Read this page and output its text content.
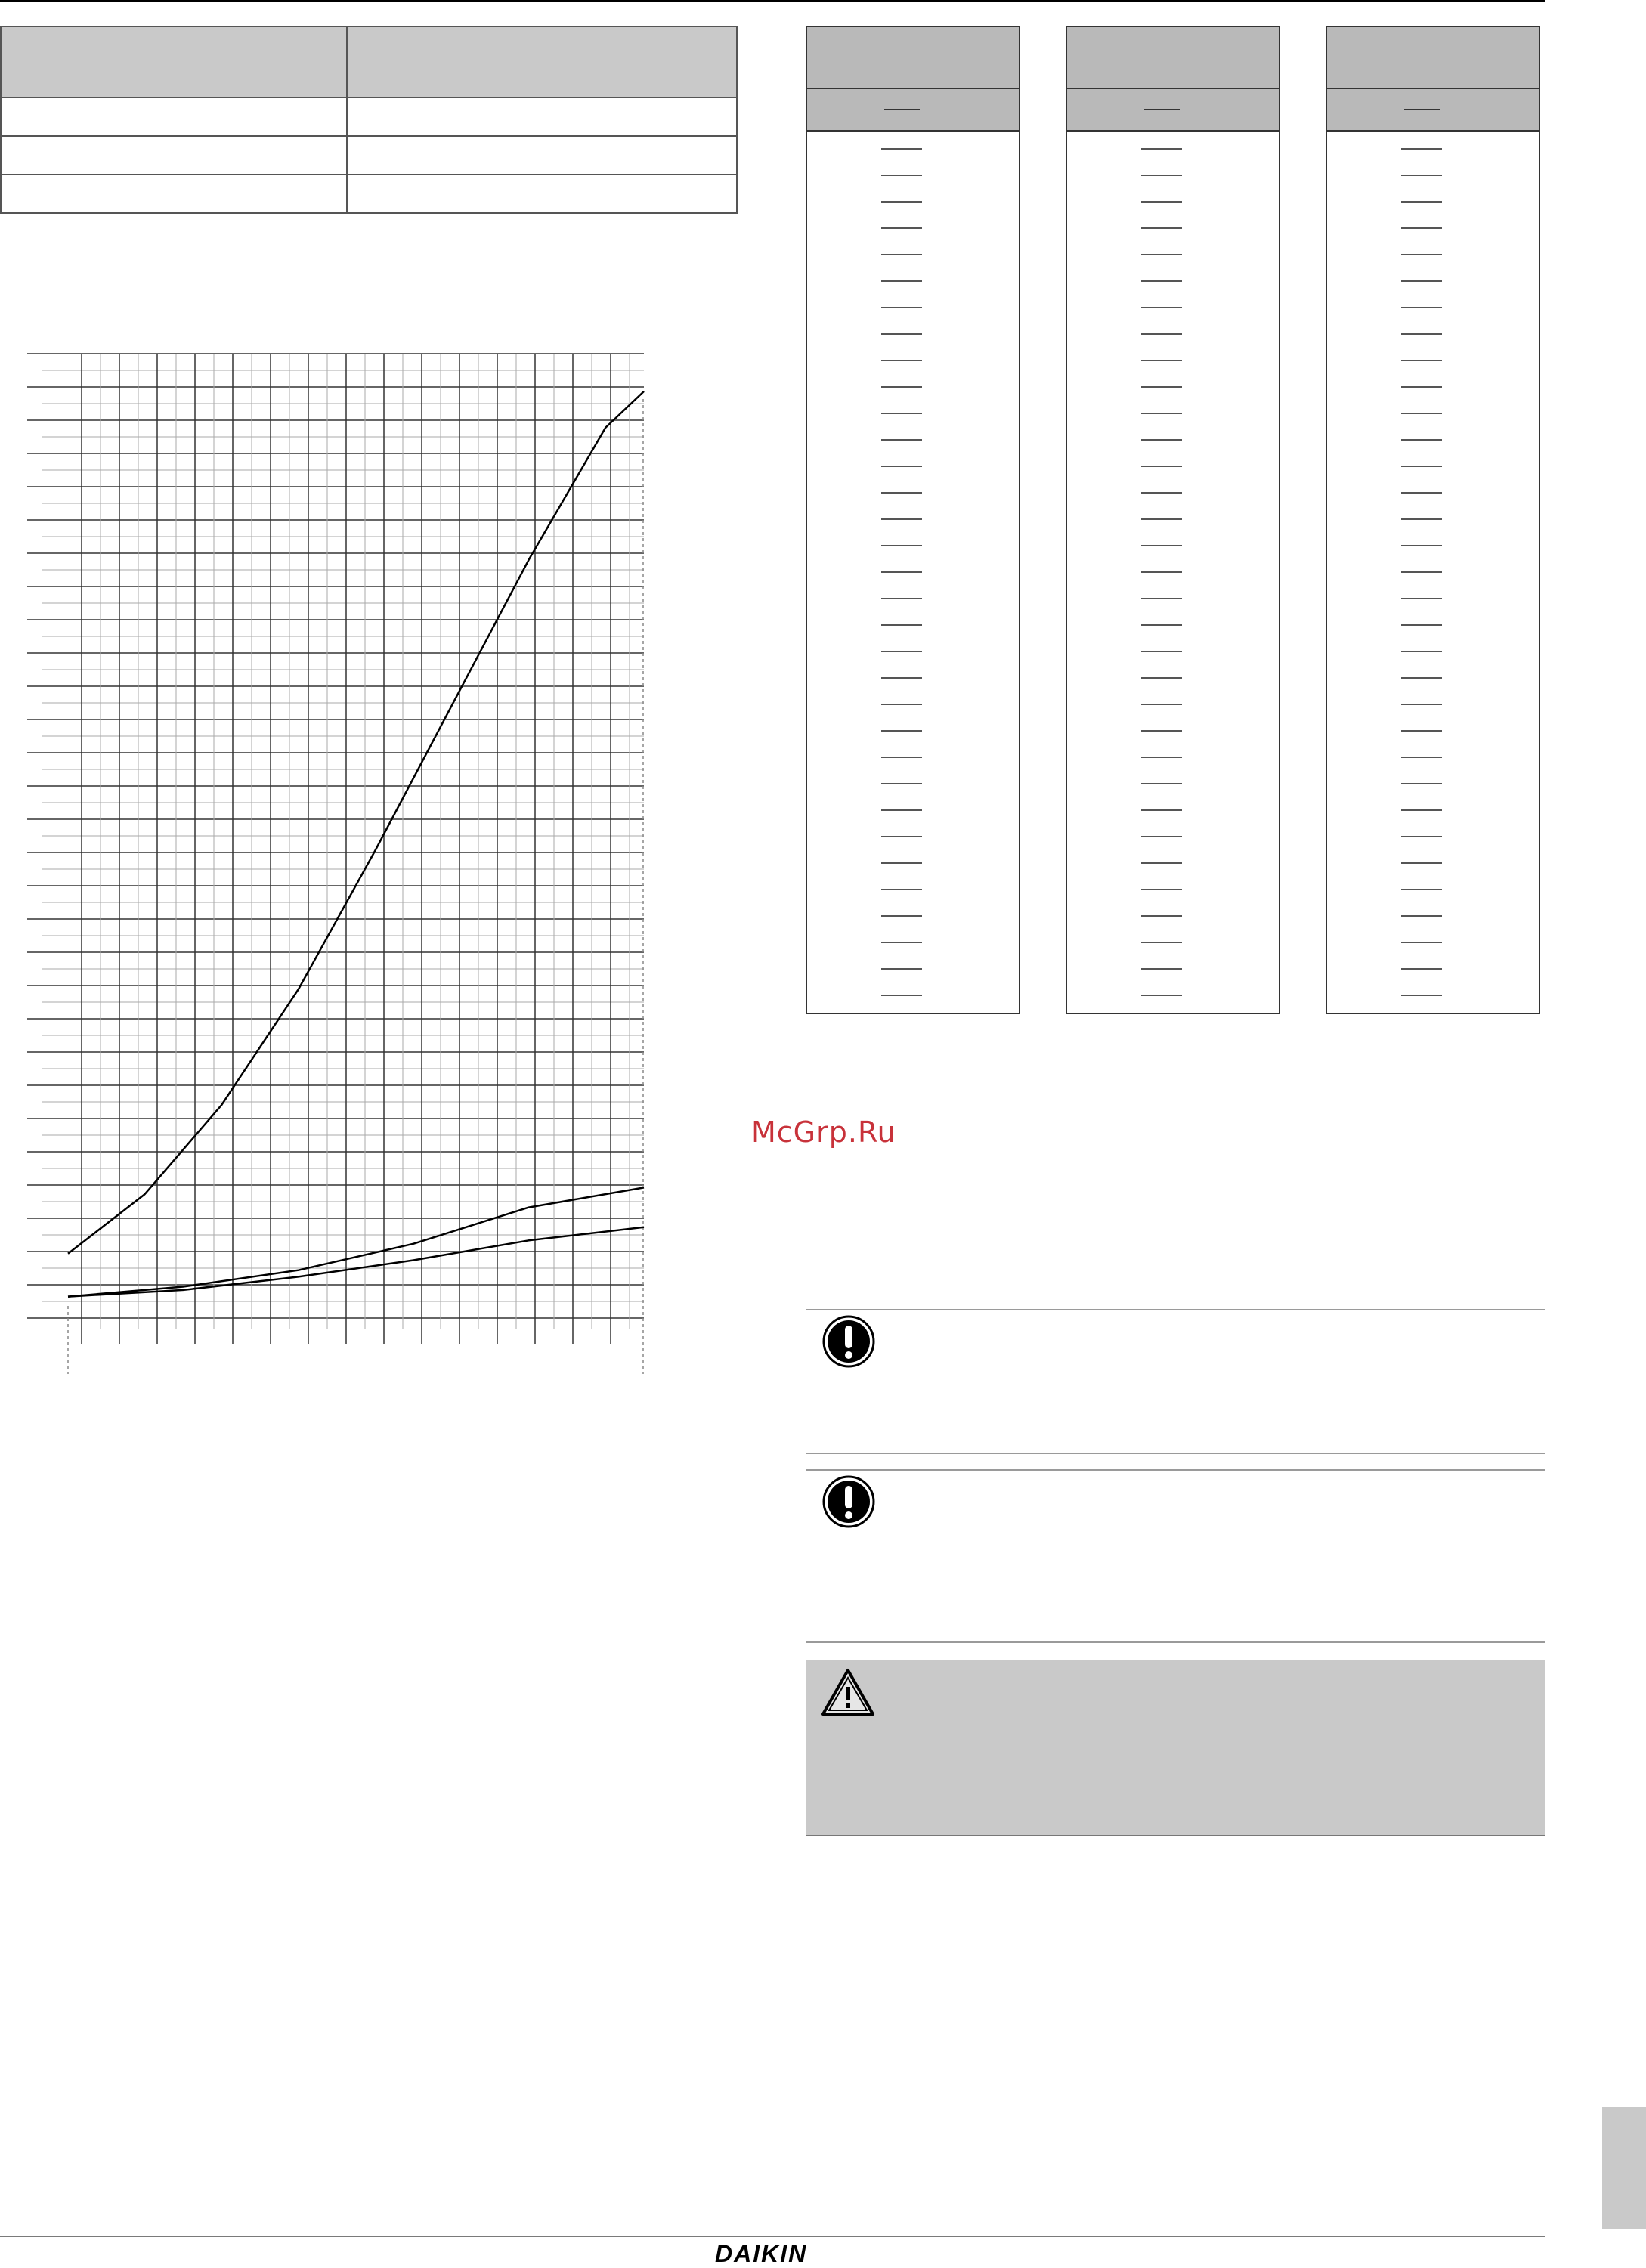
McGrp.Ru
DAIKIN
